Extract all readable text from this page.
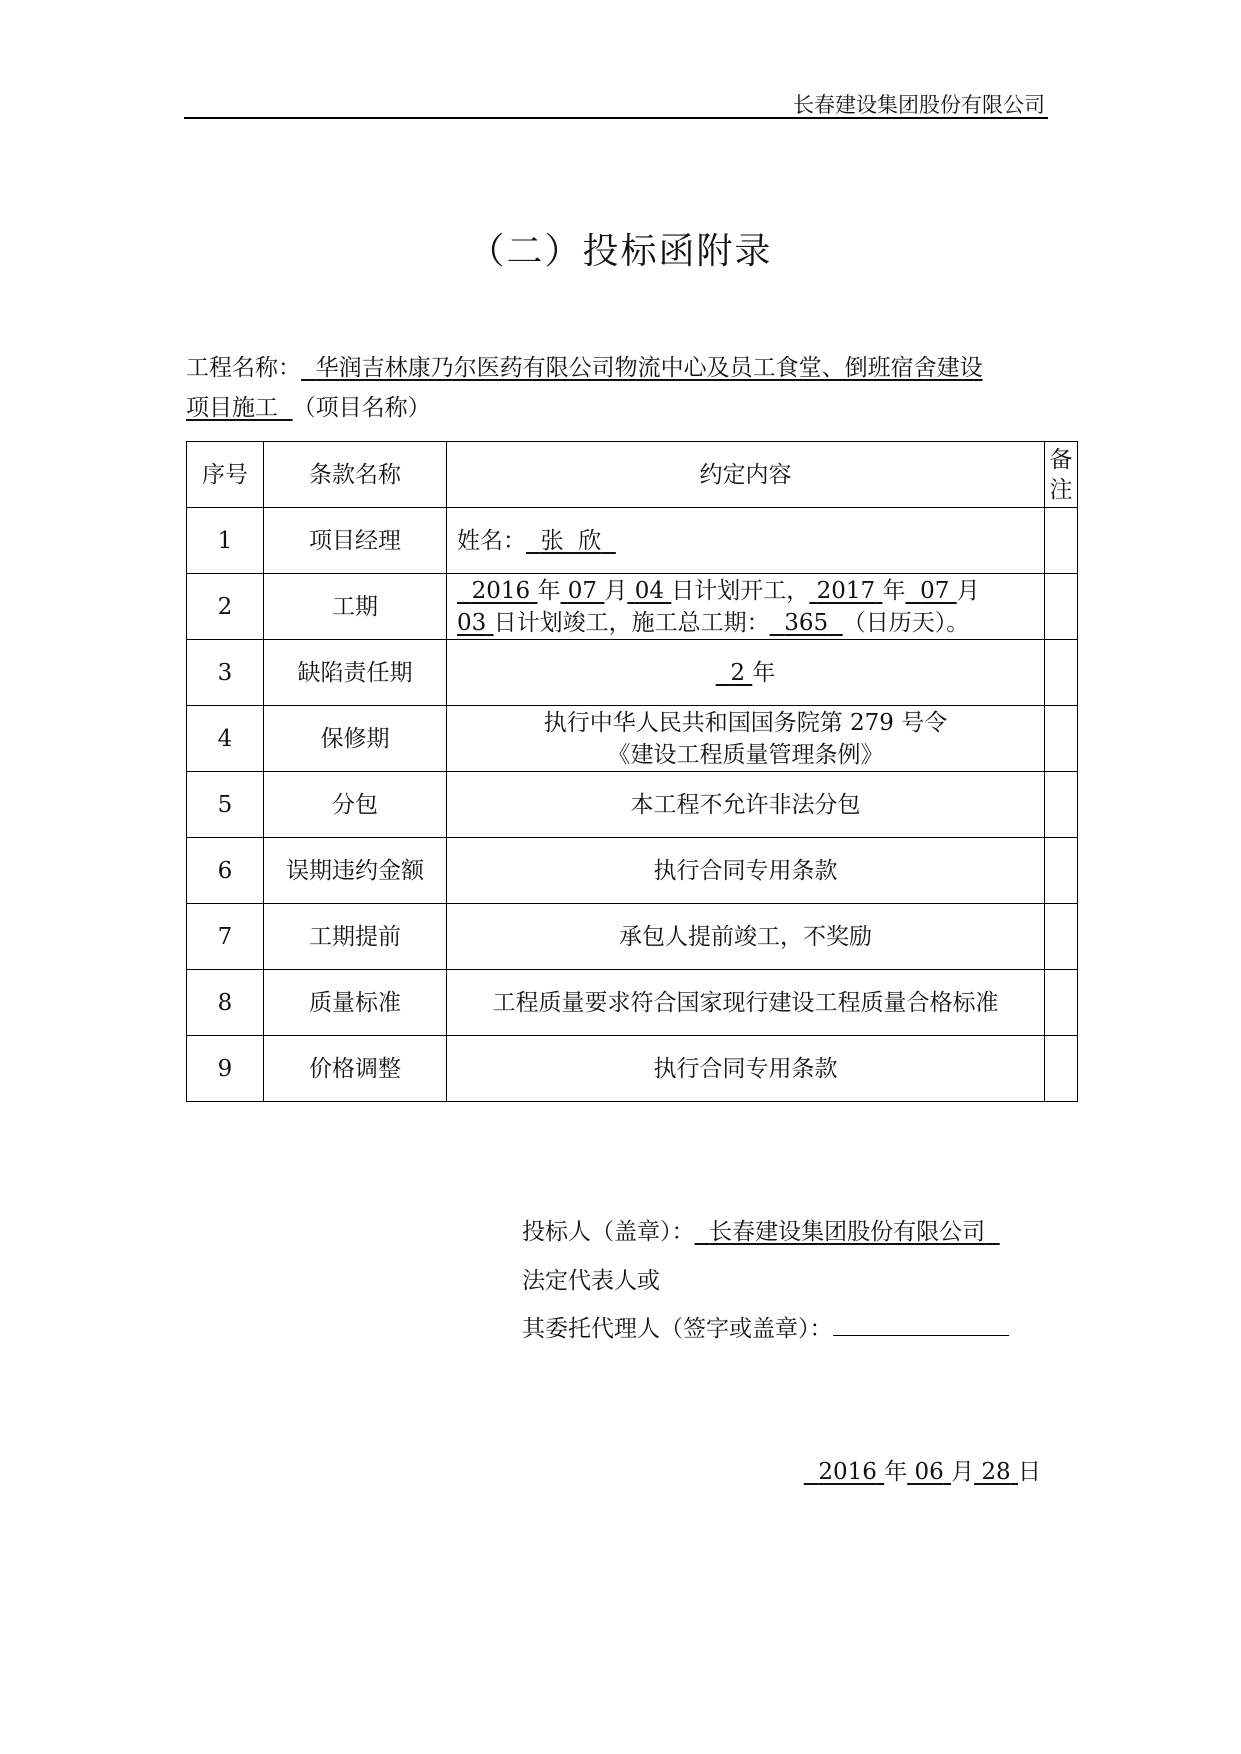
长春建设集团股份有限公司
（二）投标函附录
工程名称： 华润吉林康乃尔医药有限公司物流中心及员工食堂、倒班宿舍建设
项目施工 （项目名称）
序号	条款名称	约定内容	备注
1	项目经理	姓名： 张  欣	
2	工期	2016 年 07 月 04 日计划开工， 2017 年 07 月
03 日计划竣工，施工总工期： 365 （日历天）。	
3	缺陷责任期	2 年	
4	保修期	执行中华人民共和国国务院第 279 号令
《建设工程质量管理条例》	

5	分包	本工程不允许非法分包	
6	误期违约金额	执行合同专用条款	
7	工期提前	承包人提前竣工，不奖励	
8	质量标准	工程质量要求符合国家现行建设工程质量合格标准	
9	价格调整	执行合同专用条款	
投标人（盖章）： 长春建设集团股份有限公司
法定代表人或
其委托代理人（签字或盖章）：
2016 年 06 月 28 日
